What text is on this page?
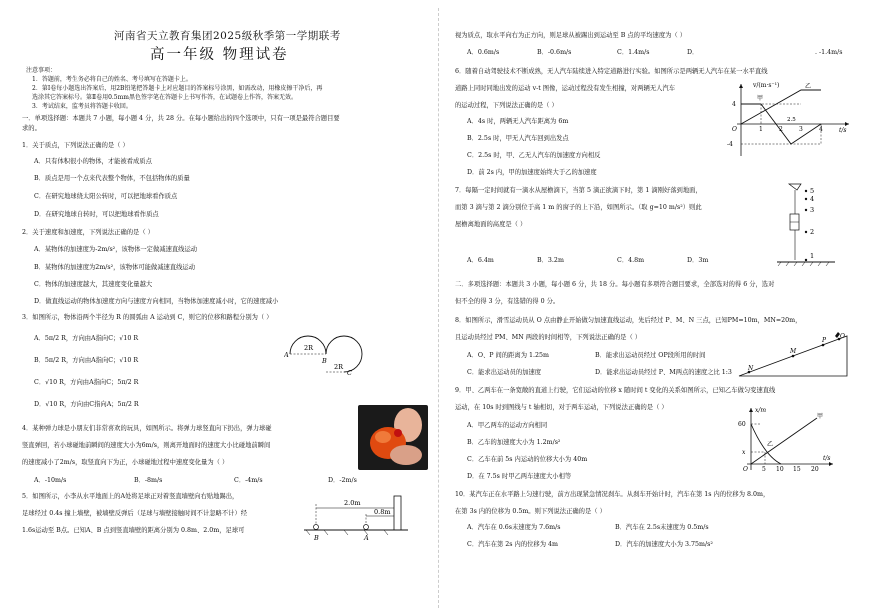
河南省天立教育集团2025级秋季第一学期联考
高一年级 物理试卷
注意事项：
1．答题前，考生务必将自己的姓名、考号填写在答题卡上。
2．第Ⅰ卷每小题选出答案后，用2B铅笔把答题卡上对应题目的答案标号涂黑，如需改动，用橡皮擦干净后，再
选涂其它答案标号。第Ⅱ卷用0.5mm黑色签字笔在答题卡上书写作答，在试题卷上作答，答案无效。
3．考试结束，监考员将答题卡收回。
一．单项选择题：本题共 7 小题，每小题 4 分，共 28 分。在每小题给出的四个选项中，只有一项是最符合题目要
求的。
1．关于质点，下列说法正确的是（ ）
A．只有体积很小的物体，才能被看成质点
B．质点是用一个点来代表整个物体，不包括物体的质量
C．在研究地球绕太阳公转时，可以把地球看作质点
D．在研究地球自转时，可以把地球看作质点
2．关于速度和加速度，下列说法正确的是（ ）
A．某物体的加速度为-2m/s²，该物体一定做减速直线运动
B．某物体的加速度为2m/s²，该物体可能做减速直线运动
C．物体的加速度越大，其速度变化量越大
D．做直线运动的物体加速度方向与速度方向相同，当物体加速度减小时，它的速度减小
3．如图所示，物体沿两个半径为 R 的圆弧由 A 运动到 C，则它的位移和路程分别为（ ）
A．5π/2 R，方向由A指向C；√10 R
B．5π/2 R，方向由A指向C；√10 R
C．√10 R，方向由A指向C；5π/2 R
D．√10 R，方向由C指向A；5π/2 R
2R
2R
A
B
C
4．某种弹力球是小朋友们非常喜欢的玩具，如图所示。将弹力球竖直向下扔出，弹力球碰
竖直弹回，若小球碰地前瞬间的速度大小为6m/s，则离开地面时的速度大小比碰地前瞬间
的速度减小了2m/s，取竖直向下为正，小球碰地过程中速度变化量为（ ）
A．-10m/s	B．-8m/s	C．-4m/s	D．-2m/s
5．如图所示，小李从水平地面上的A处将足球正对着竖直墙壁向右贴地踢出，
足球经过 0.4s 撞上墙壁，被墙壁反弹后（足球与墙壁接触时间不计忽略不计）经
1.6s运动至 B点。已知A、B 点到竖直墙壁的距离分别为 0.8m、2.0m，足球可
2.0m
0.8m
B	A
视为质点，取水平向右为正方向，则足球从被踢出到运动至 B 点的平均速度为（ ）
A．0.6m/s	B．-0.6m/s	C．1.4m/s	D．	. -1.4m/s
6．随着自动驾驶技术不断成熟，无人汽车陆续进入特定道路进行实验。如图所示是两辆无人汽车在某一水平直线
道路上同时同地出发的运动 v-t 图像，运动过程没有发生相撞，对两辆无人汽车
的运动过程，下列说法正确的是（ ）
A．4s 时，两辆无人汽车距离为 6m
B．2.5s 时，甲无人汽车回到出发点
C．2.5s 时，甲、乙无人汽车的加速度方向相反
D．前 2s 内，甲的加速度始终大于乙的加速度
v/(m·s⁻¹)
4
-4
O	1	2
2.5
3	4	t/s
甲
乙
7．每隔一定时间就有一滴水从屋檐滴下，当第 5 滴正欲滴下时，第 1 滴刚好落到地面，
而第 3 滴与第 2 滴分别位于高 1 m 的窗子的上下沿，如图所示。（取 g=10 m/s²）则此
屋檐离地面的高度是（ ）
A．6.4m	B．3.2m	C．4.8m	D．3m
5
4
3
2
1
二．多项选择题：本题共 3 小题，每小题 6 分，共 18 分。每小题有多项符合题目要求，全部选对的得 6 分，选对
但不全的得 3 分，有选错的得 0 分。
8．如图所示，滑雪运动员从 O 点由静止开始做匀加速直线运动，先后经过 P、M、N 三点，已知PM=10m，MN=20m，
且运动员经过 PM、MN 两段的时间相等，下列说法正确的是（ ）
A．O、P 间的距离为 1.25m	B．能求出运动员经过 OP段所用的时间
C．能求出运动员的加速度	D．能求出运动员经过 P、M两点的速度之比 1:3
O
P
M
N
9．甲、乙两车在一条宽敞的直道上行驶，它们运动的位移 x 随时间 t 变化的关系如图所示，已知乙车做匀变速直线
运动，在 10s 时到图线与 t 轴相切，对于两车运动，下列说法正确的是（ ）
A．甲乙两车的运动方向相同
B．乙车的加速度大小为 1.2m/s²
C．乙车在前 5s 内运动的位移大小为 40m
D．在 7.5s 时甲乙两车速度大小相等
x/m
60
x
O 5 10 15 20
t/s
甲
乙
10．某汽车正在水平路上匀速行驶，前方出现紧急情况刹车。从刹车开始计时，汽车在第 1s 内的位移为 8.0m，
在第 3s 内的位移为 0.5m。则下列说法正确的是（ ）
A．汽车在 0.6s末速度为 7.6m/s	B．汽车在 2.5s末速度为 0.5m/s
C．汽车在第 2s 内的位移为 4m	D．汽车的加速度大小为 3.75m/s²
